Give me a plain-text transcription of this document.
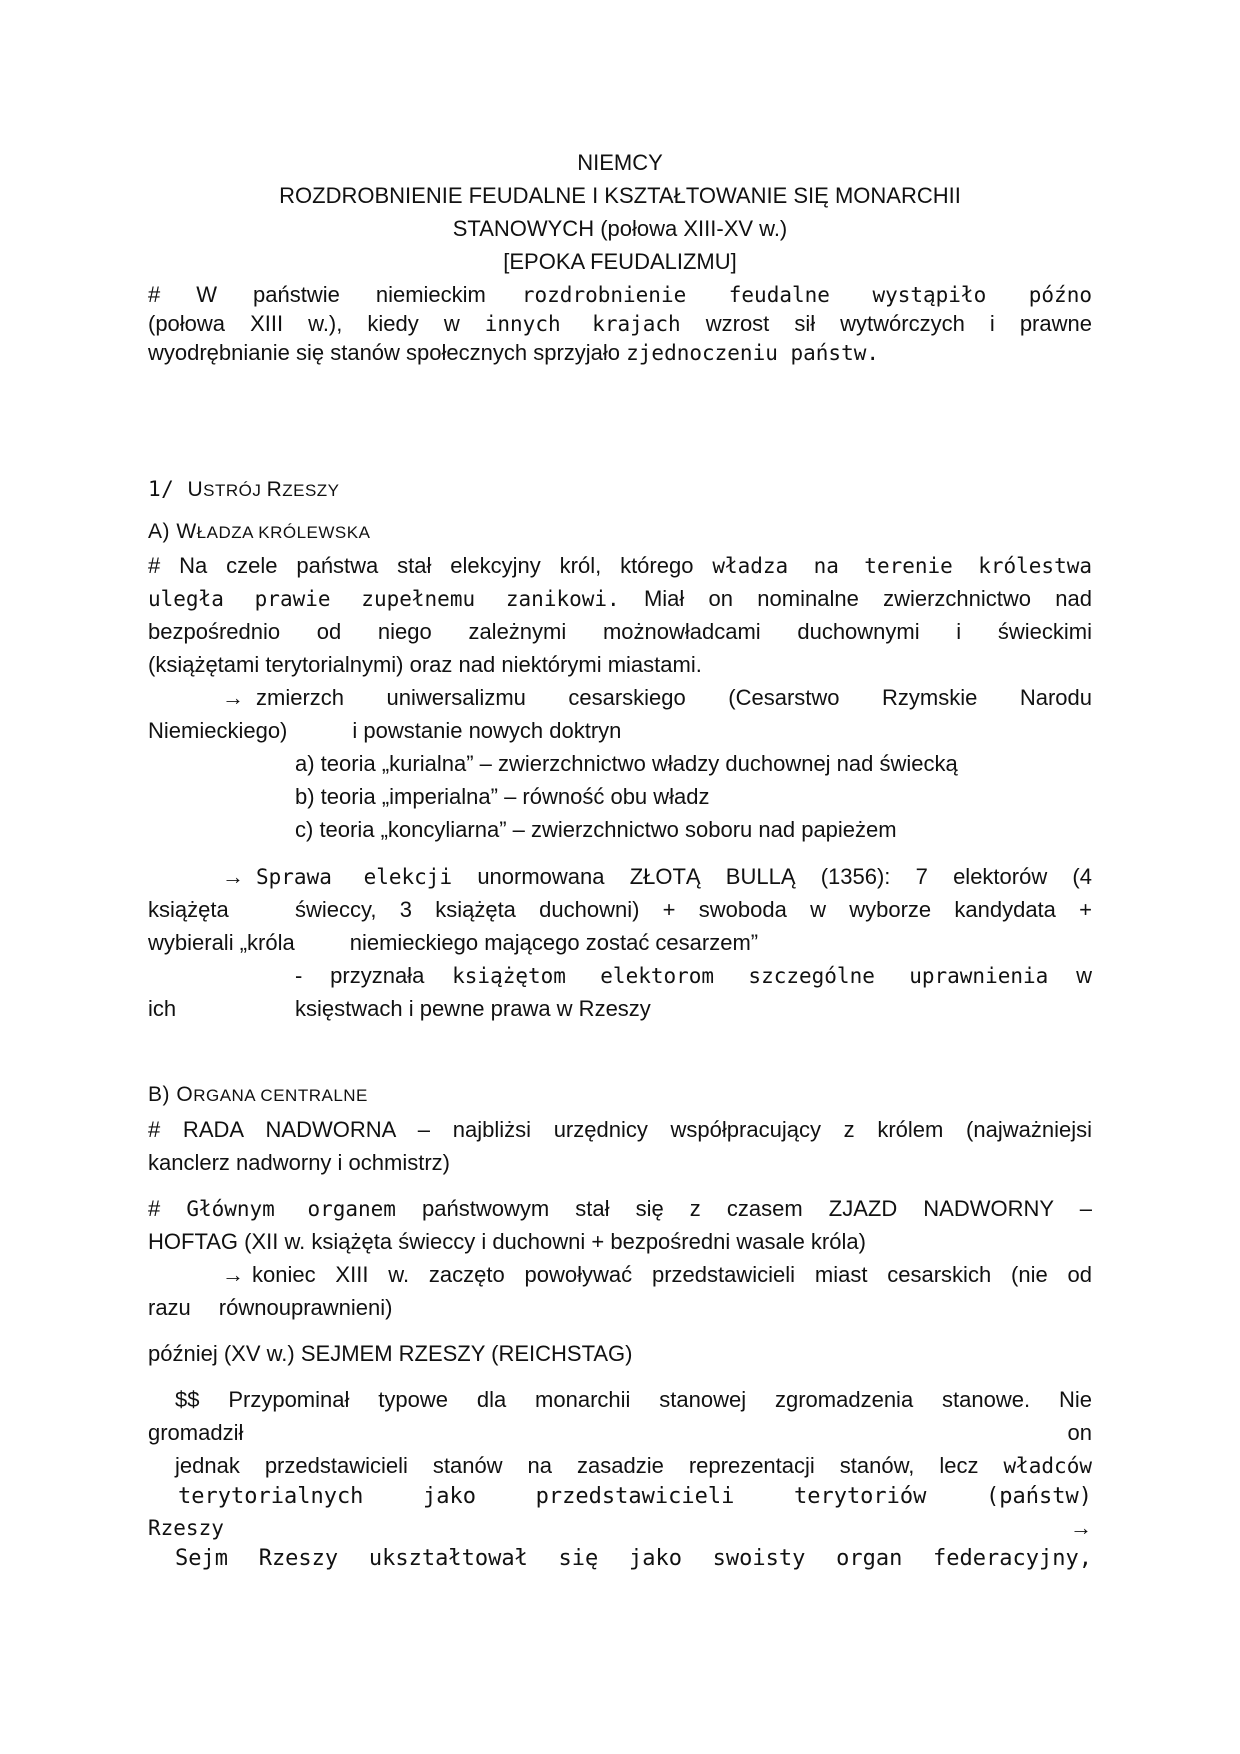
NIEMCY
ROZDROBNIENIE FEUDALNE I KSZTAŁTOWANIE SIĘ MONARCHII
STANOWYCH (połowa XIII-XV w.)
[EPOKA FEUDALIZMU]
# W państwie niemieckim rozdrobnienie feudalne wystąpiło późno
(połowa XIII w.), kiedy w innych krajach wzrost sił wytwórczych i prawne
wyodrębnianie się stanów społecznych sprzyjało zjednoczeniu państw.
1/ USTRÓJ RZESZY
A) WŁADZA KRÓLEWSKA
# Na czele państwa stał elekcyjny król, którego władza na terenie królestwa
uległa prawie zupełnemu zanikowi. Miał on nominalne zwierzchnictwo nad
bezpośrednio od niego zależnymi możnowładcami duchownymi i świeckimi
(książętami terytorialnymi) oraz nad niektórymi miastami.
→ zmierzch uniwersalizmu cesarskiego (Cesarstwo Rzymskie Narodu
Niemieckiego)	i powstanie nowych doktryn
a) teoria „kurialna” – zwierzchnictwo władzy duchownej nad świecką
b) teoria „imperialna” – równość obu władz
c) teoria „koncyliarna” – zwierzchnictwo soboru nad papieżem
→ Sprawa elekcji unormowana ZŁOTĄ BULLĄ (1356): 7 elektorów (4
książęta	świeccy, 3 książęta duchowni) + swoboda w wyborze kandydata +
wybierali „króla	niemieckiego mającego zostać cesarzem”
- przyznała książętom elektorom szczególne uprawnienia w
ich	księstwach i pewne prawa w Rzeszy
B) ORGANA CENTRALNE
# RADA NADWORNA – najbliżsi urzędnicy współpracujący z królem (najważniejsi
kanclerz nadworny i ochmistrz)
# Głównym organem państwowym stał się z czasem ZJAZD NADWORNY –
HOFTAG (XII w. książęta świeccy i duchowni + bezpośredni wasale króla)
→ koniec XIII w. zaczęto powoływać przedstawicieli miast cesarskich (nie od
razu równouprawnieni)
później (XV w.) SEJMEM RZESZY (REICHSTAG)
$$ Przypominał typowe dla monarchii stanowej zgromadzenia stanowe. Nie
gromadził	on
jednak przedstawicieli stanów na zasadzie reprezentacji stanów, lecz władców
terytorialnych jako przedstawicieli terytoriów (państw)
Rzeszy	→
Sejm Rzeszy ukształtował się jako swoisty organ federacyjny,
